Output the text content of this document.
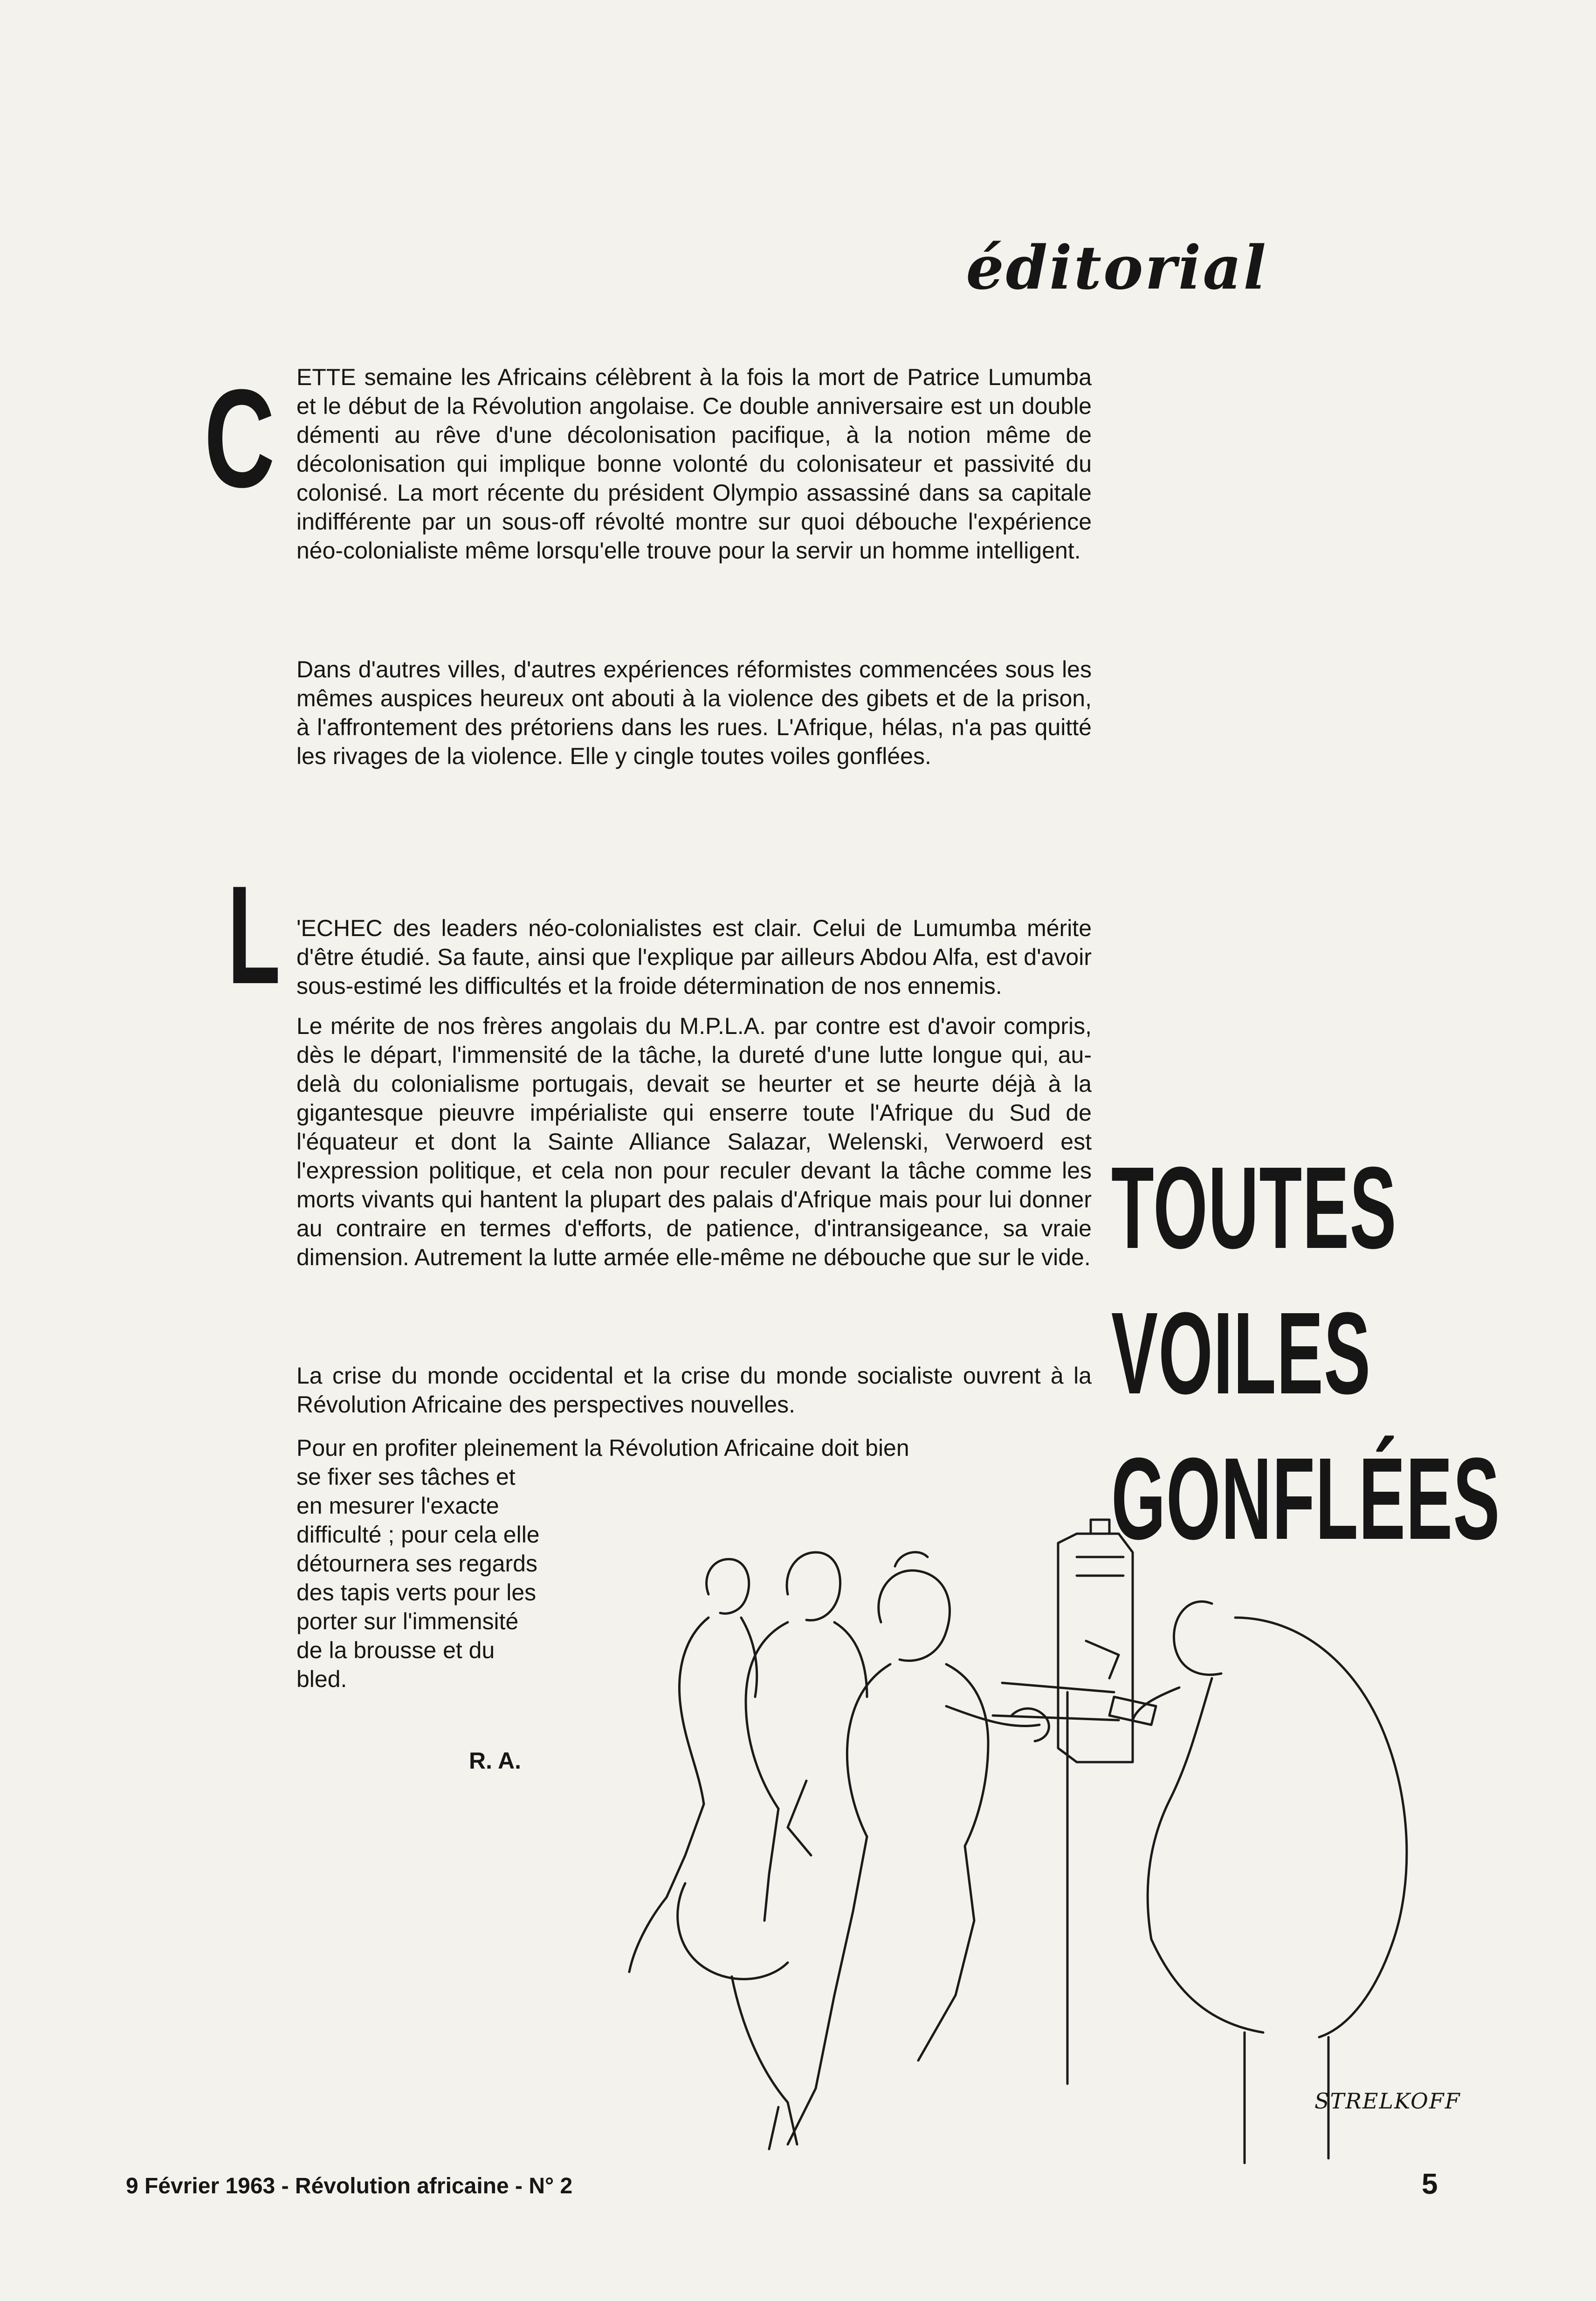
éditorial
C ETTE semaine les Africains célèbrent à la fois la mort de Patrice Lumumba et le début de la Révolution angolaise. Ce double anniversaire est un double démenti au rêve d'une décolonisation pacifique, à la notion même de décolonisation qui implique bonne volonté du colonisateur et passivité du colonisé. La mort récente du président Olympio assassiné dans sa capitale indifférente par un sous-off révolté montre sur quoi débouche l'expérience néo-colonialiste même lorsqu'elle trouve pour la servir un homme intelligent.

Dans d'autres villes, d'autres expériences réformistes commencées sous les mêmes auspices heureux ont abouti à la violence des gibets et de la prison, à l'affrontement des prétoriens dans les rues. L'Afrique, hélas, n'a pas quitté les rivages de la violence. Elle y cingle toutes voiles gonflées.

L 'ECHEC des leaders néo-colonialistes est clair. Celui de Lumumba mérite d'être étudié. Sa faute, ainsi que l'explique par ailleurs Abdou Alfa, est d'avoir sous-estimé les difficultés et la froide détermination de nos ennemis.

Le mérite de nos frères angolais du M.P.L.A. par contre est d'avoir compris, dès le départ, l'immensité de la tâche, la dureté d'une lutte longue qui, au-delà du colonialisme portugais, devait se heurter et se heurte déjà à la gigantesque pieuvre impérialiste qui enserre toute l'Afrique du Sud de l'équateur et dont la Sainte Alliance Salazar, Welenski, Verwoerd est l'expression politique, et cela non pour reculer devant la tâche comme les morts vivants qui hantent la plupart des palais d'Afrique mais pour lui donner au contraire en termes d'efforts, de patience, d'intransigeance, sa vraie dimension. Autrement la lutte armée elle-même ne débouche que sur le vide.

La crise du monde occidental et la crise du monde socialiste ouvrent à la Révolution Africaine des perspectives nouvelles.

Pour en profiter pleinement la Révolution Africaine doit bien

se fixer ses tâches et en mesurer l'exacte difficulté ; pour cela elle détournera ses regards des tapis verts pour les porter sur l'immensité de la brousse et du bled.

R. A.
TOUTES
VOILES
GONFLÉES
STRELKOFF
9 Février 1963 - Révolution africaine - N° 2	5
